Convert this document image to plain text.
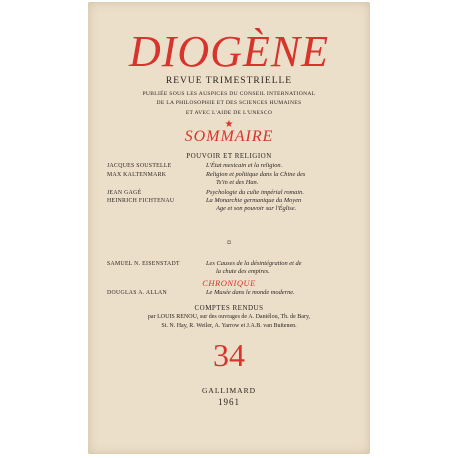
DIOGÈNE
REVUE TRIMESTRIELLE
PUBLIÉE SOUS LES AUSPICES DU CONSEIL INTERNATIONAL
DE LA PHILOSOPHIE ET DES SCIENCES HUMAINES
ET AVEC L'AIDE DE L'UNESCO
★
SOMMAIRE
POUVOIR ET RELIGION
JACQUES SOUSTELLE	L'État mexicain et la religion.
MAX KALTENMARK	Religion et politique dans la Chine des
Ts'in et des Han.
JEAN GAGÉ	Psychologie du culte impérial romain.
HEINRICH FICHTENAU	La Monarchie germanique du Moyen
Age et son pouvoir sur l'Église.
¤
SAMUEL N. EISENSTADT	Les Causes de la désintégration et de
la chute des empires.
CHRONIQUE
DOUGLAS A. ALLAN	Le Musée dans le monde moderne.
COMPTES RENDUS
par LOUIS RENOU, sur des ouvrages de A. Daniélou, Th. de Bary,
St. N. Hay, R. Weiler, A. Yarrow et J.A.B. van Buitenen.
34
GALLIMARD
1961
